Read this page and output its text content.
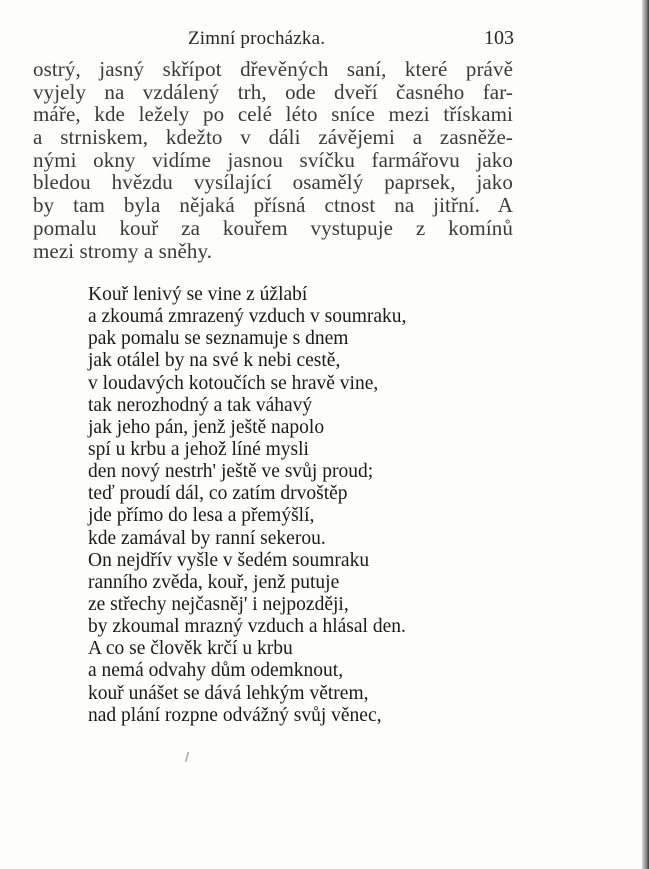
Zimní procházka.	103
ostrý, jasný skřípot dřevěných saní, které právě
vyjely na vzdálený trh, ode dveří časného far-
máře, kde ležely po celé léto sníce mezi třískami
a strniskem, kdežto v dáli závějemi a zasněže-
nými okny vidíme jasnou svíčku farmářovu jako
bledou hvězdu vysílající osamělý paprsek, jako
by tam byla nějaká přísná ctnost na jitřní. A
pomalu kouř za kouřem vystupuje z komínů
mezi stromy a sněhy.
Kouř lenivý se vine z úžlabí
a zkoumá zmrazený vzduch v soumraku,
pak pomalu se seznamuje s dnem
jak otálel by na své k nebi cestě,
v loudavých kotoučích se hravě vine,
tak nerozhodný a tak váhavý
jak jeho pán, jenž ještě napolo
spí u krbu a jehož líné mysli
den nový nestrh' ještě ve svůj proud;
teď proudí dál, co zatím drvoštěp
jde přímo do lesa a přemýšlí,
kde zamával by ranní sekerou.
On nejdřív vyšle v šedém soumraku
ranního zvěda, kouř, jenž putuje
ze střechy nejčasněj' i nejpozději,
by zkoumal mrazný vzduch a hlásal den.
A co se člověk krčí u krbu
a nemá odvahy dům odemknout,
kouř unášet se dává lehkým větrem,
nad plání rozpne odvážný svůj věnec,
